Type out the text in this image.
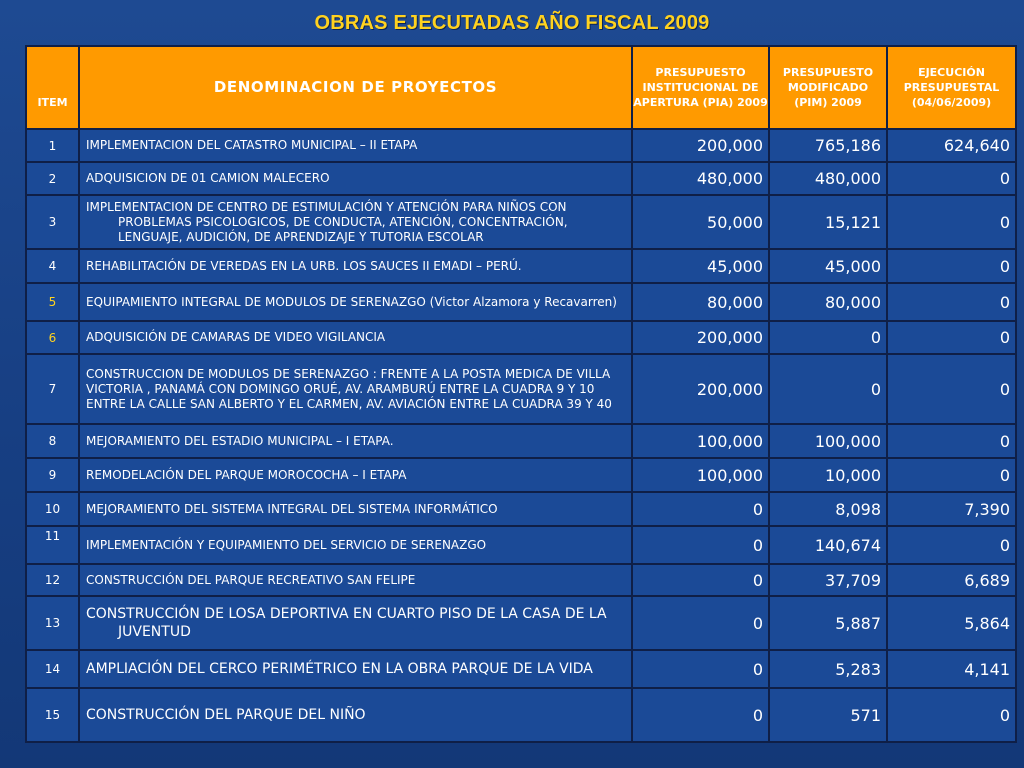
OBRAS EJECUTADAS AÑO FISCAL 2009
ITEM	DENOMINACION DE PROYECTOS	PRESUPUESTO INSTITUCIONAL DE APERTURA (PIA) 2009	PRESUPUESTO MODIFICADO (PIM) 2009	EJECUCIÓN PRESUPUESTAL (04/06/2009)
1	IMPLEMENTACION DEL CATASTRO MUNICIPAL – II ETAPA	200,000	765,186	624,640
2	ADQUISICION DE 01 CAMION MALECERO	480,000	480,000	0
3	IMPLEMENTACION DE CENTRO DE ESTIMULACIÓN Y ATENCIÓN PARA NIÑOS CON PROBLEMAS PSICOLOGICOS, DE CONDUCTA, ATENCIÓN, CONCENTRACIÓN, LENGUAJE, AUDICIÓN, DE APRENDIZAJE Y TUTORIA ESCOLAR	50,000	15,121	0
4	REHABILITACIÓN DE VEREDAS EN LA URB. LOS SAUCES II EMADI – PERÚ.	45,000	45,000	0
5	EQUIPAMIENTO INTEGRAL DE MODULOS DE SERENAZGO (Victor Alzamora y Recavarren)	80,000	80,000	0
6	ADQUISICIÓN DE CAMARAS DE VIDEO VIGILANCIA	200,000	0	0
7	CONSTRUCCION DE MODULOS DE SERENAZGO : FRENTE A LA POSTA MEDICA DE VILLA VICTORIA , PANAMÁ CON DOMINGO ORUÉ, AV. ARAMBURÚ ENTRE LA CUADRA 9 Y 10 ENTRE LA CALLE SAN ALBERTO Y EL CARMEN, AV. AVIACIÓN ENTRE LA CUADRA 39 Y 40	200,000	0	0
8	MEJORAMIENTO DEL ESTADIO MUNICIPAL – I ETAPA.	100,000	100,000	0
9	REMODELACIÓN DEL PARQUE MOROCOCHA – I ETAPA	100,000	10,000	0
10	MEJORAMIENTO DEL SISTEMA INTEGRAL DEL SISTEMA INFORMÁTICO	0	8,098	7,390
11	IMPLEMENTACIÓN Y EQUIPAMIENTO DEL SERVICIO DE SERENAZGO	0	140,674	0
12	CONSTRUCCIÓN DEL PARQUE RECREATIVO SAN FELIPE	0	37,709	6,689
13	CONSTRUCCIÓN DE LOSA DEPORTIVA EN CUARTO PISO DE LA CASA DE LA JUVENTUD	0	5,887	5,864
14	AMPLIACIÓN DEL CERCO PERIMÉTRICO EN LA OBRA PARQUE DE LA VIDA	0	5,283	4,141
15	CONSTRUCCIÓN DEL PARQUE DEL NIÑO	0	571	0
